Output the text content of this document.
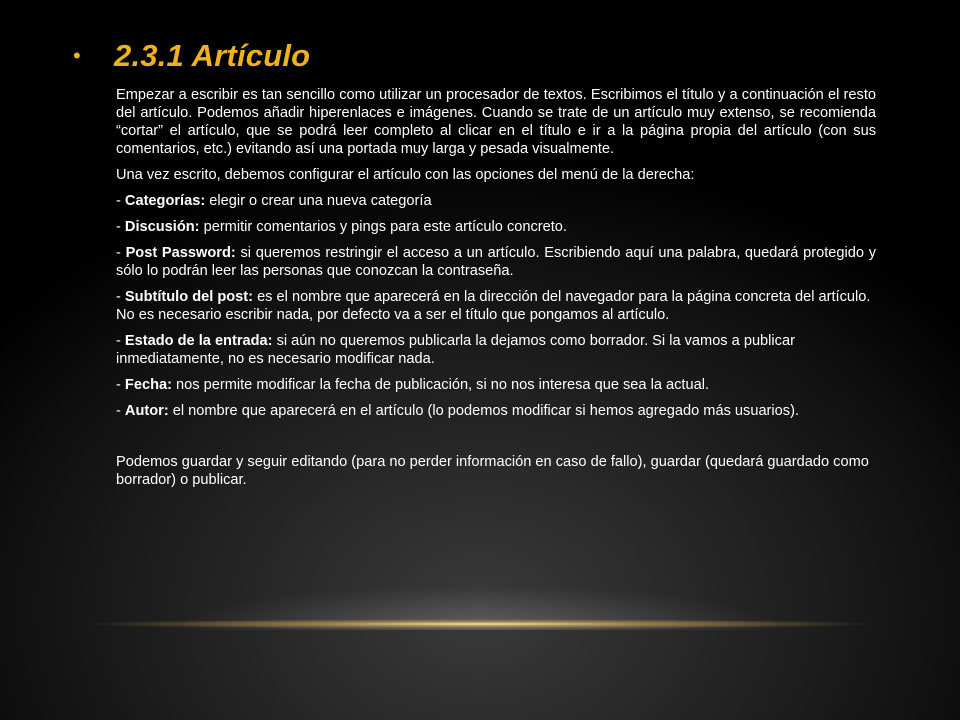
• 2.3.1 Artículo

Empezar a escribir es tan sencillo como utilizar un procesador de textos. Escribimos el título y a continuación el resto del artículo. Podemos añadir hiperenlaces e imágenes. Cuando se trate de un artículo muy extenso, se recomienda “cortar” el artículo, que se podrá leer completo al clicar en el título e ir a la página propia del artículo (con sus comentarios, etc.) evitando así una portada muy larga y pesada visualmente.

Una vez escrito, debemos configurar el artículo con las opciones del menú de la derecha:

- Categorías: elegir o crear una nueva categoría

- Discusión: permitir comentarios y pings para este artículo concreto.

- Post Password: si queremos restringir el acceso a un artículo. Escribiendo aquí una palabra, quedará protegido y sólo lo podrán leer las personas que conozcan la contraseña.

- Subtítulo del post: es el nombre que aparecerá en la dirección del navegador para la página concreta del artículo. No es necesario escribir nada, por defecto va a ser el título que pongamos al artículo.

- Estado de la entrada: si aún no queremos publicarla la dejamos como borrador. Si la vamos a publicar inmediatamente, no es necesario modificar nada.

- Fecha: nos permite modificar la fecha de publicación, si no nos interesa que sea la actual.

- Autor: el nombre que aparecerá en el artículo (lo podemos modificar si hemos agregado más usuarios).

Podemos guardar y seguir editando (para no perder información en caso de fallo), guardar (quedará guardado como borrador) o publicar.
